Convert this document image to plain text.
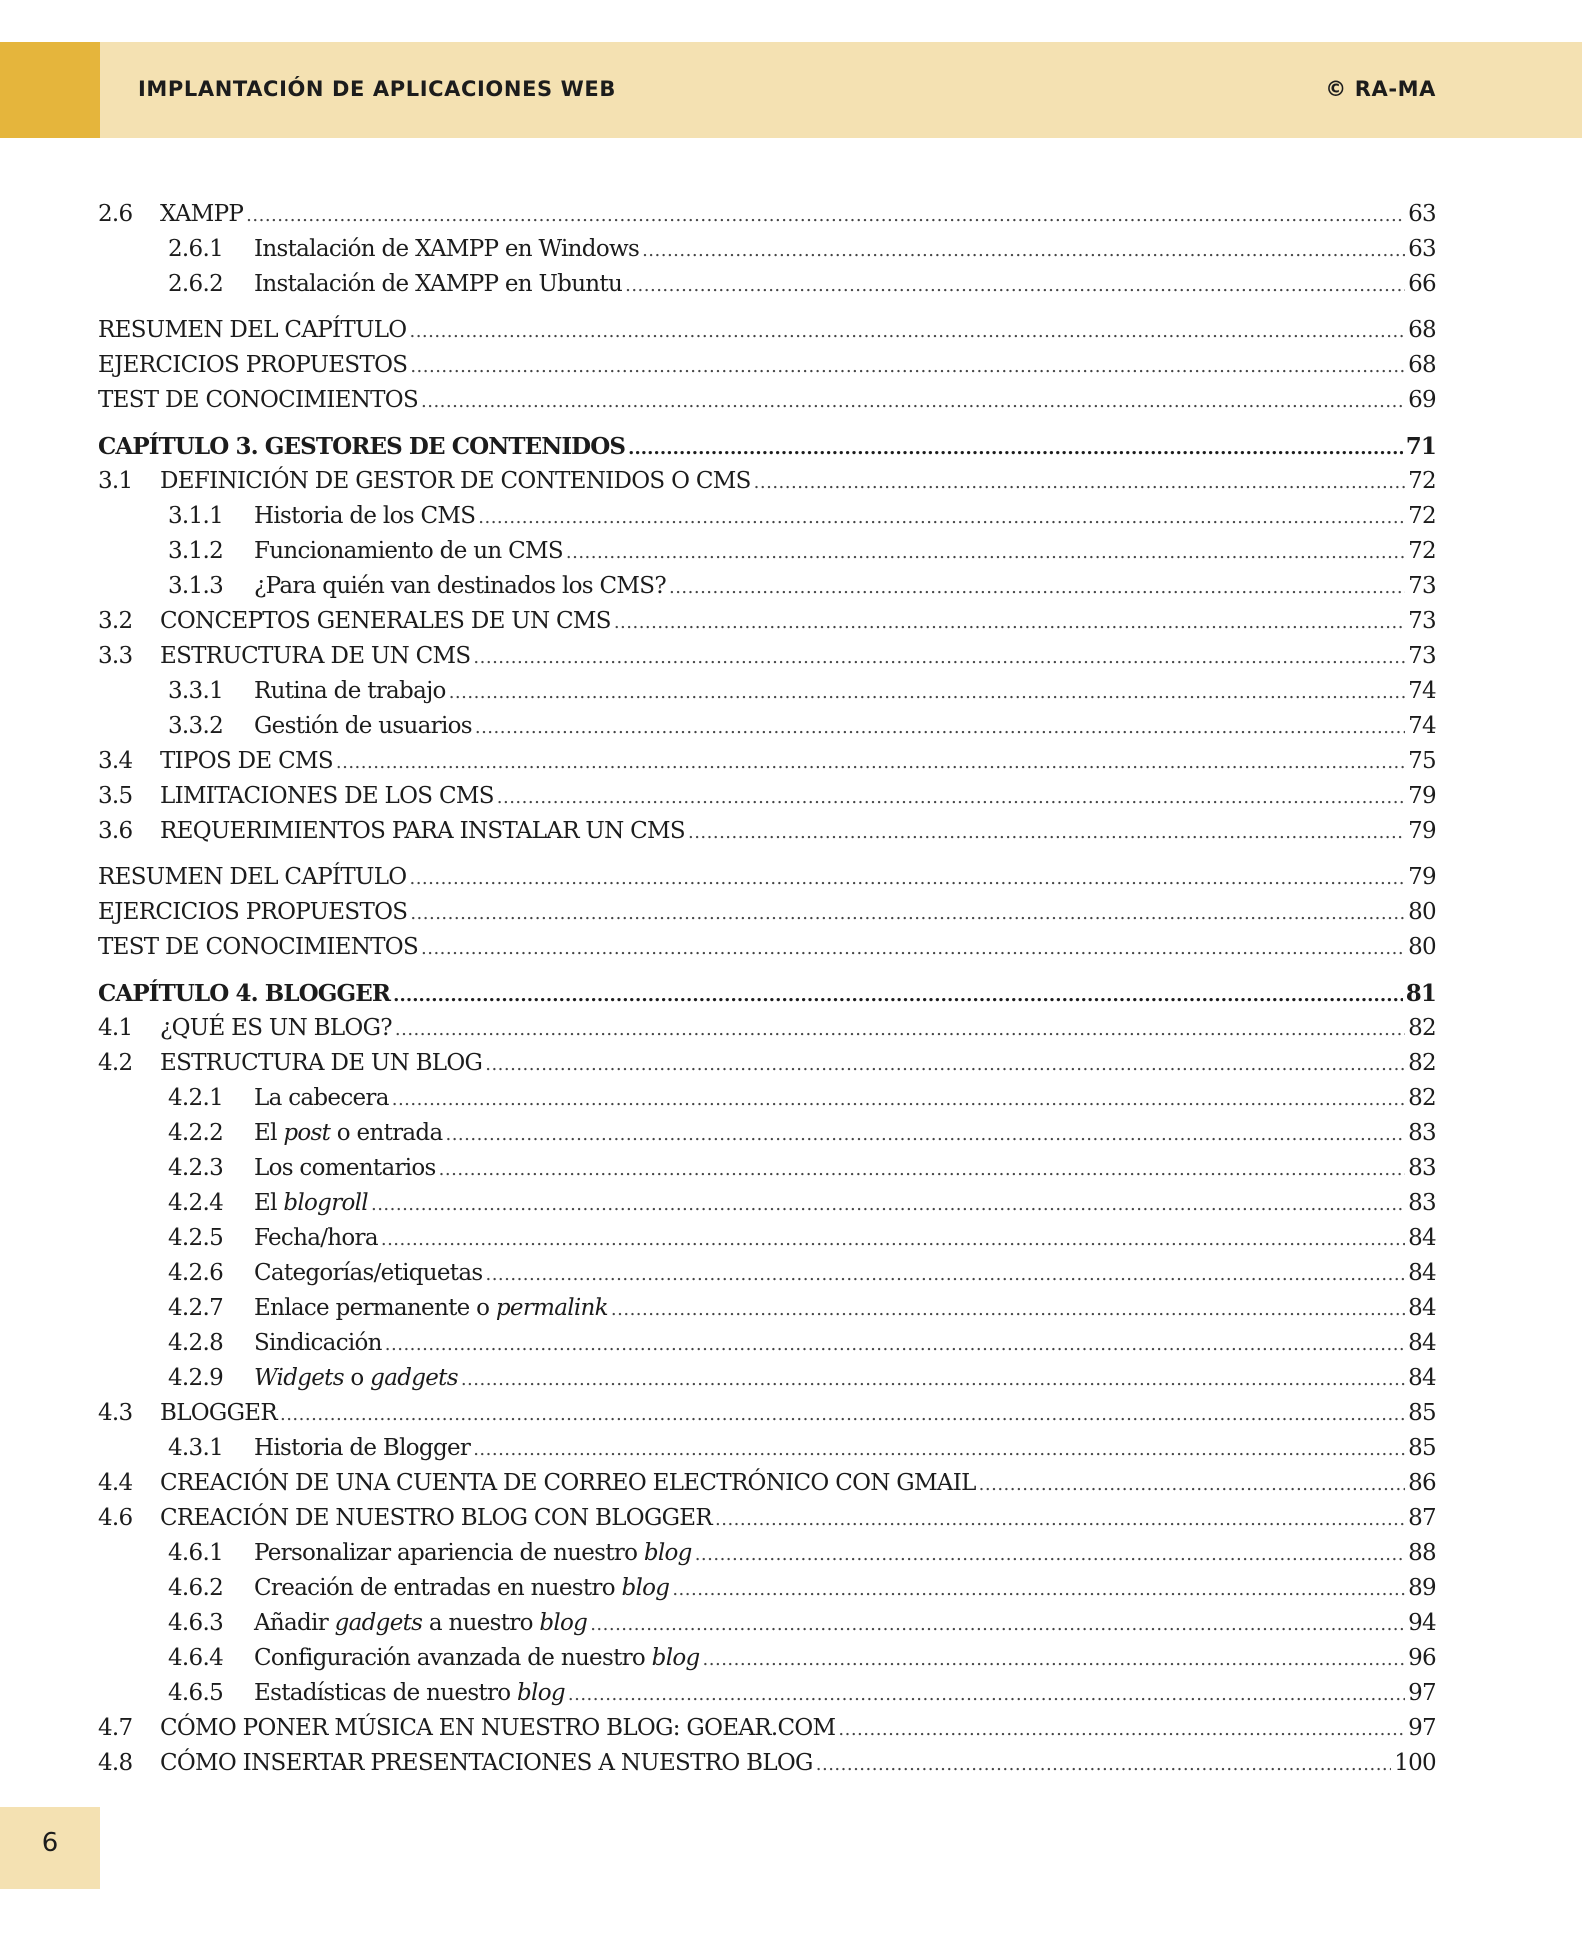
IMPLANTACIÓN DE APLICACIONES WEB	© RA-MA
2.6	XAMPP .....	63
2.6.1	Instalación de XAMPP en Windows .....	63
2.6.2	Instalación de XAMPP en Ubuntu .....	66
RESUMEN DEL CAPÍTULO .....	68
EJERCICIOS PROPUESTOS .....	68
TEST DE CONOCIMIENTOS .....	69
CAPÍTULO 3. GESTORES DE CONTENIDOS .....	71
3.1	DEFINICIÓN DE GESTOR DE CONTENIDOS O CMS .....	72
3.1.1	Historia de los CMS .....	72
3.1.2	Funcionamiento de un CMS .....	72
3.1.3	¿Para quién van destinados los CMS? .....	73
3.2	CONCEPTOS GENERALES DE UN CMS .....	73
3.3	ESTRUCTURA DE UN CMS .....	73
3.3.1	Rutina de trabajo .....	74
3.3.2	Gestión de usuarios .....	74
3.4	TIPOS DE CMS .....	75
3.5	LIMITACIONES DE LOS CMS .....	79
3.6	REQUERIMIENTOS PARA INSTALAR UN CMS .....	79
RESUMEN DEL CAPÍTULO .....	79
EJERCICIOS PROPUESTOS .....	80
TEST DE CONOCIMIENTOS .....	80
CAPÍTULO 4. BLOGGER .....	81
4.1	¿QUÉ ES UN BLOG? .....	82
4.2	ESTRUCTURA DE UN BLOG .....	82
4.2.1	La cabecera .....	82
4.2.2	El post o entrada .....	83
4.2.3	Los comentarios .....	83
4.2.4	El blogroll .....	83
4.2.5	Fecha/hora .....	84
4.2.6	Categorías/etiquetas .....	84
4.2.7	Enlace permanente o permalink .....	84
4.2.8	Sindicación .....	84
4.2.9	Widgets o gadgets .....	84
4.3	BLOGGER .....	85
4.3.1	Historia de Blogger .....	85
4.4	CREACIÓN DE UNA CUENTA DE CORREO ELECTRÓNICO CON GMAIL .....	86
4.6	CREACIÓN DE NUESTRO BLOG CON BLOGGER .....	87
4.6.1	Personalizar apariencia de nuestro blog .....	88
4.6.2	Creación de entradas en nuestro blog .....	89
4.6.3	Añadir gadgets a nuestro blog .....	94
4.6.4	Configuración avanzada de nuestro blog .....	96
4.6.5	Estadísticas de nuestro blog .....	97
4.7	CÓMO PONER MÚSICA EN NUESTRO BLOG: GOEAR.COM .....	97
4.8	CÓMO INSERTAR PRESENTACIONES A NUESTRO BLOG .....	100
6
